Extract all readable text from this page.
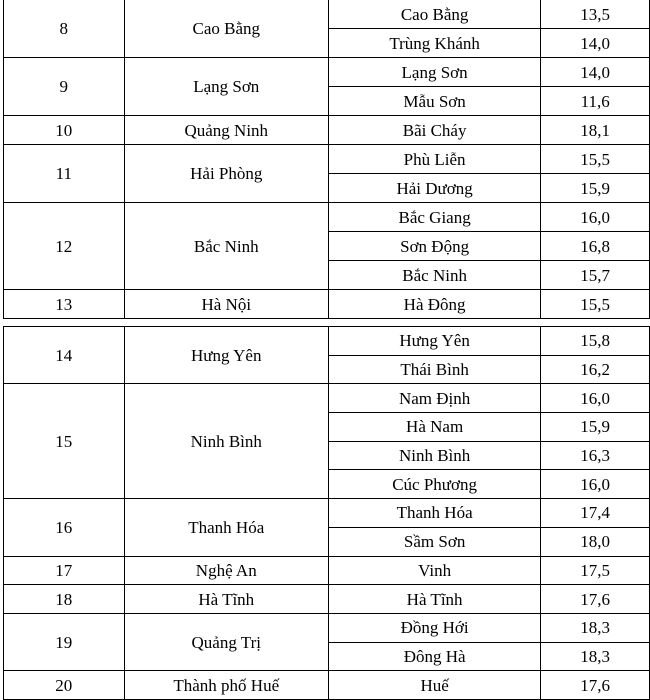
8	Cao Bằng	Cao Bằng	13,5
		Trùng Khánh	14,0
9	Lạng Sơn	Lạng Sơn	14,0
		Mẫu Sơn	11,6
10	Quảng Ninh	Bãi Cháy	18,1
11	Hải Phòng	Phù Liễn	15,5
		Hải Dương	15,9
12	Bắc Ninh	Bắc Giang	16,0
		Sơn Động	16,8
		Bắc Ninh	15,7
13	Hà Nội	Hà Đông	15,5
14	Hưng Yên	Hưng Yên	15,8
		Thái Bình	16,2
15	Ninh Bình	Nam Định	16,0
		Hà Nam	15,9
		Ninh Bình	16,3
		Cúc Phương	16,0
16	Thanh Hóa	Thanh Hóa	17,4
		Sầm Sơn	18,0
17	Nghệ An	Vinh	17,5
18	Hà Tĩnh	Hà Tĩnh	17,6
19	Quảng Trị	Đồng Hới	18,3
		Đông Hà	18,3
20	Thành phố Huế	Huế	17,6
